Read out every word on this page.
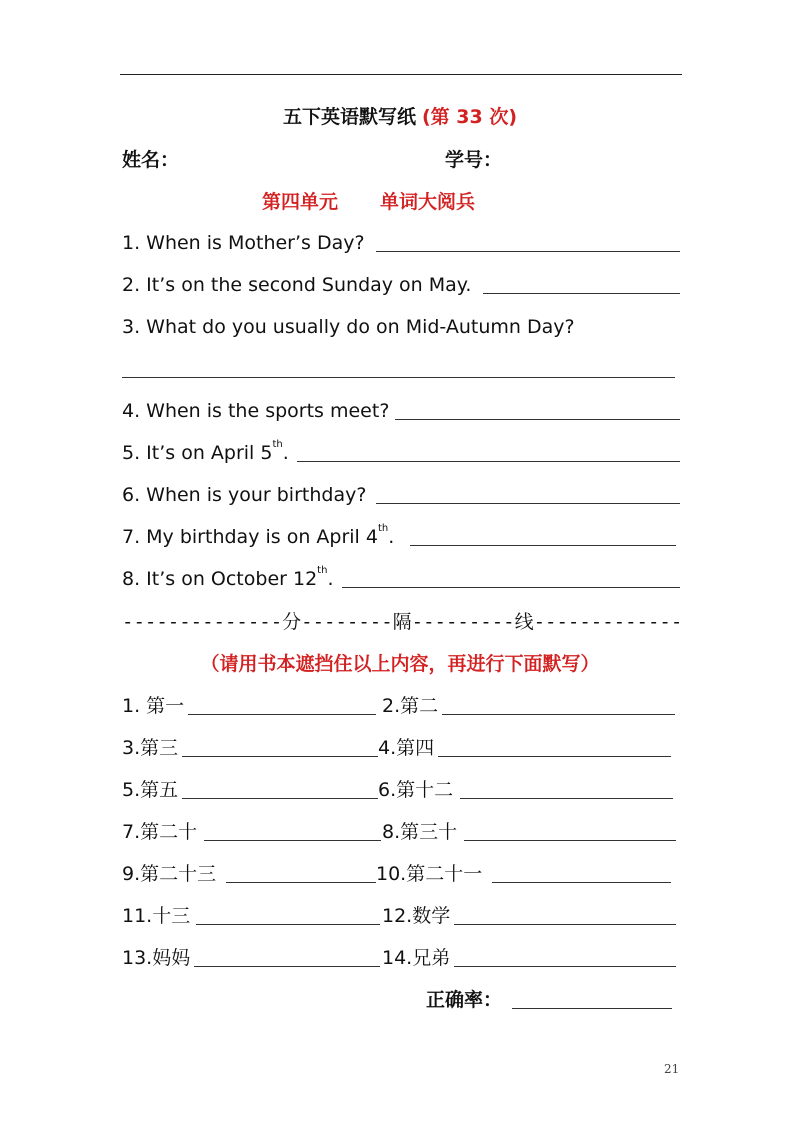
五下英语默写纸 (第 33 次)
姓名：	学号：
第四单元 单词大阅兵
1. When is Mother’s Day?
2. It’s on the second Sunday on May.
3. What do you usually do on Mid-Autumn Day?
4. When is the sports meet?
5. It’s on April 5th.
6. When is your birthday?
7. My birthday is on April 4th.
8. It’s on October 12th.
--------------分--------隔---------线-------------
（请用书本遮挡住以上内容，再进行下面默写）
1. 第一	2.第二
3.第三	4.第四
5.第五	6.第十二
7.第二十	8.第三十
9.第二十三	10.第二十一
11.十三	12.数学
13.妈妈	14.兄弟
正确率：
21
